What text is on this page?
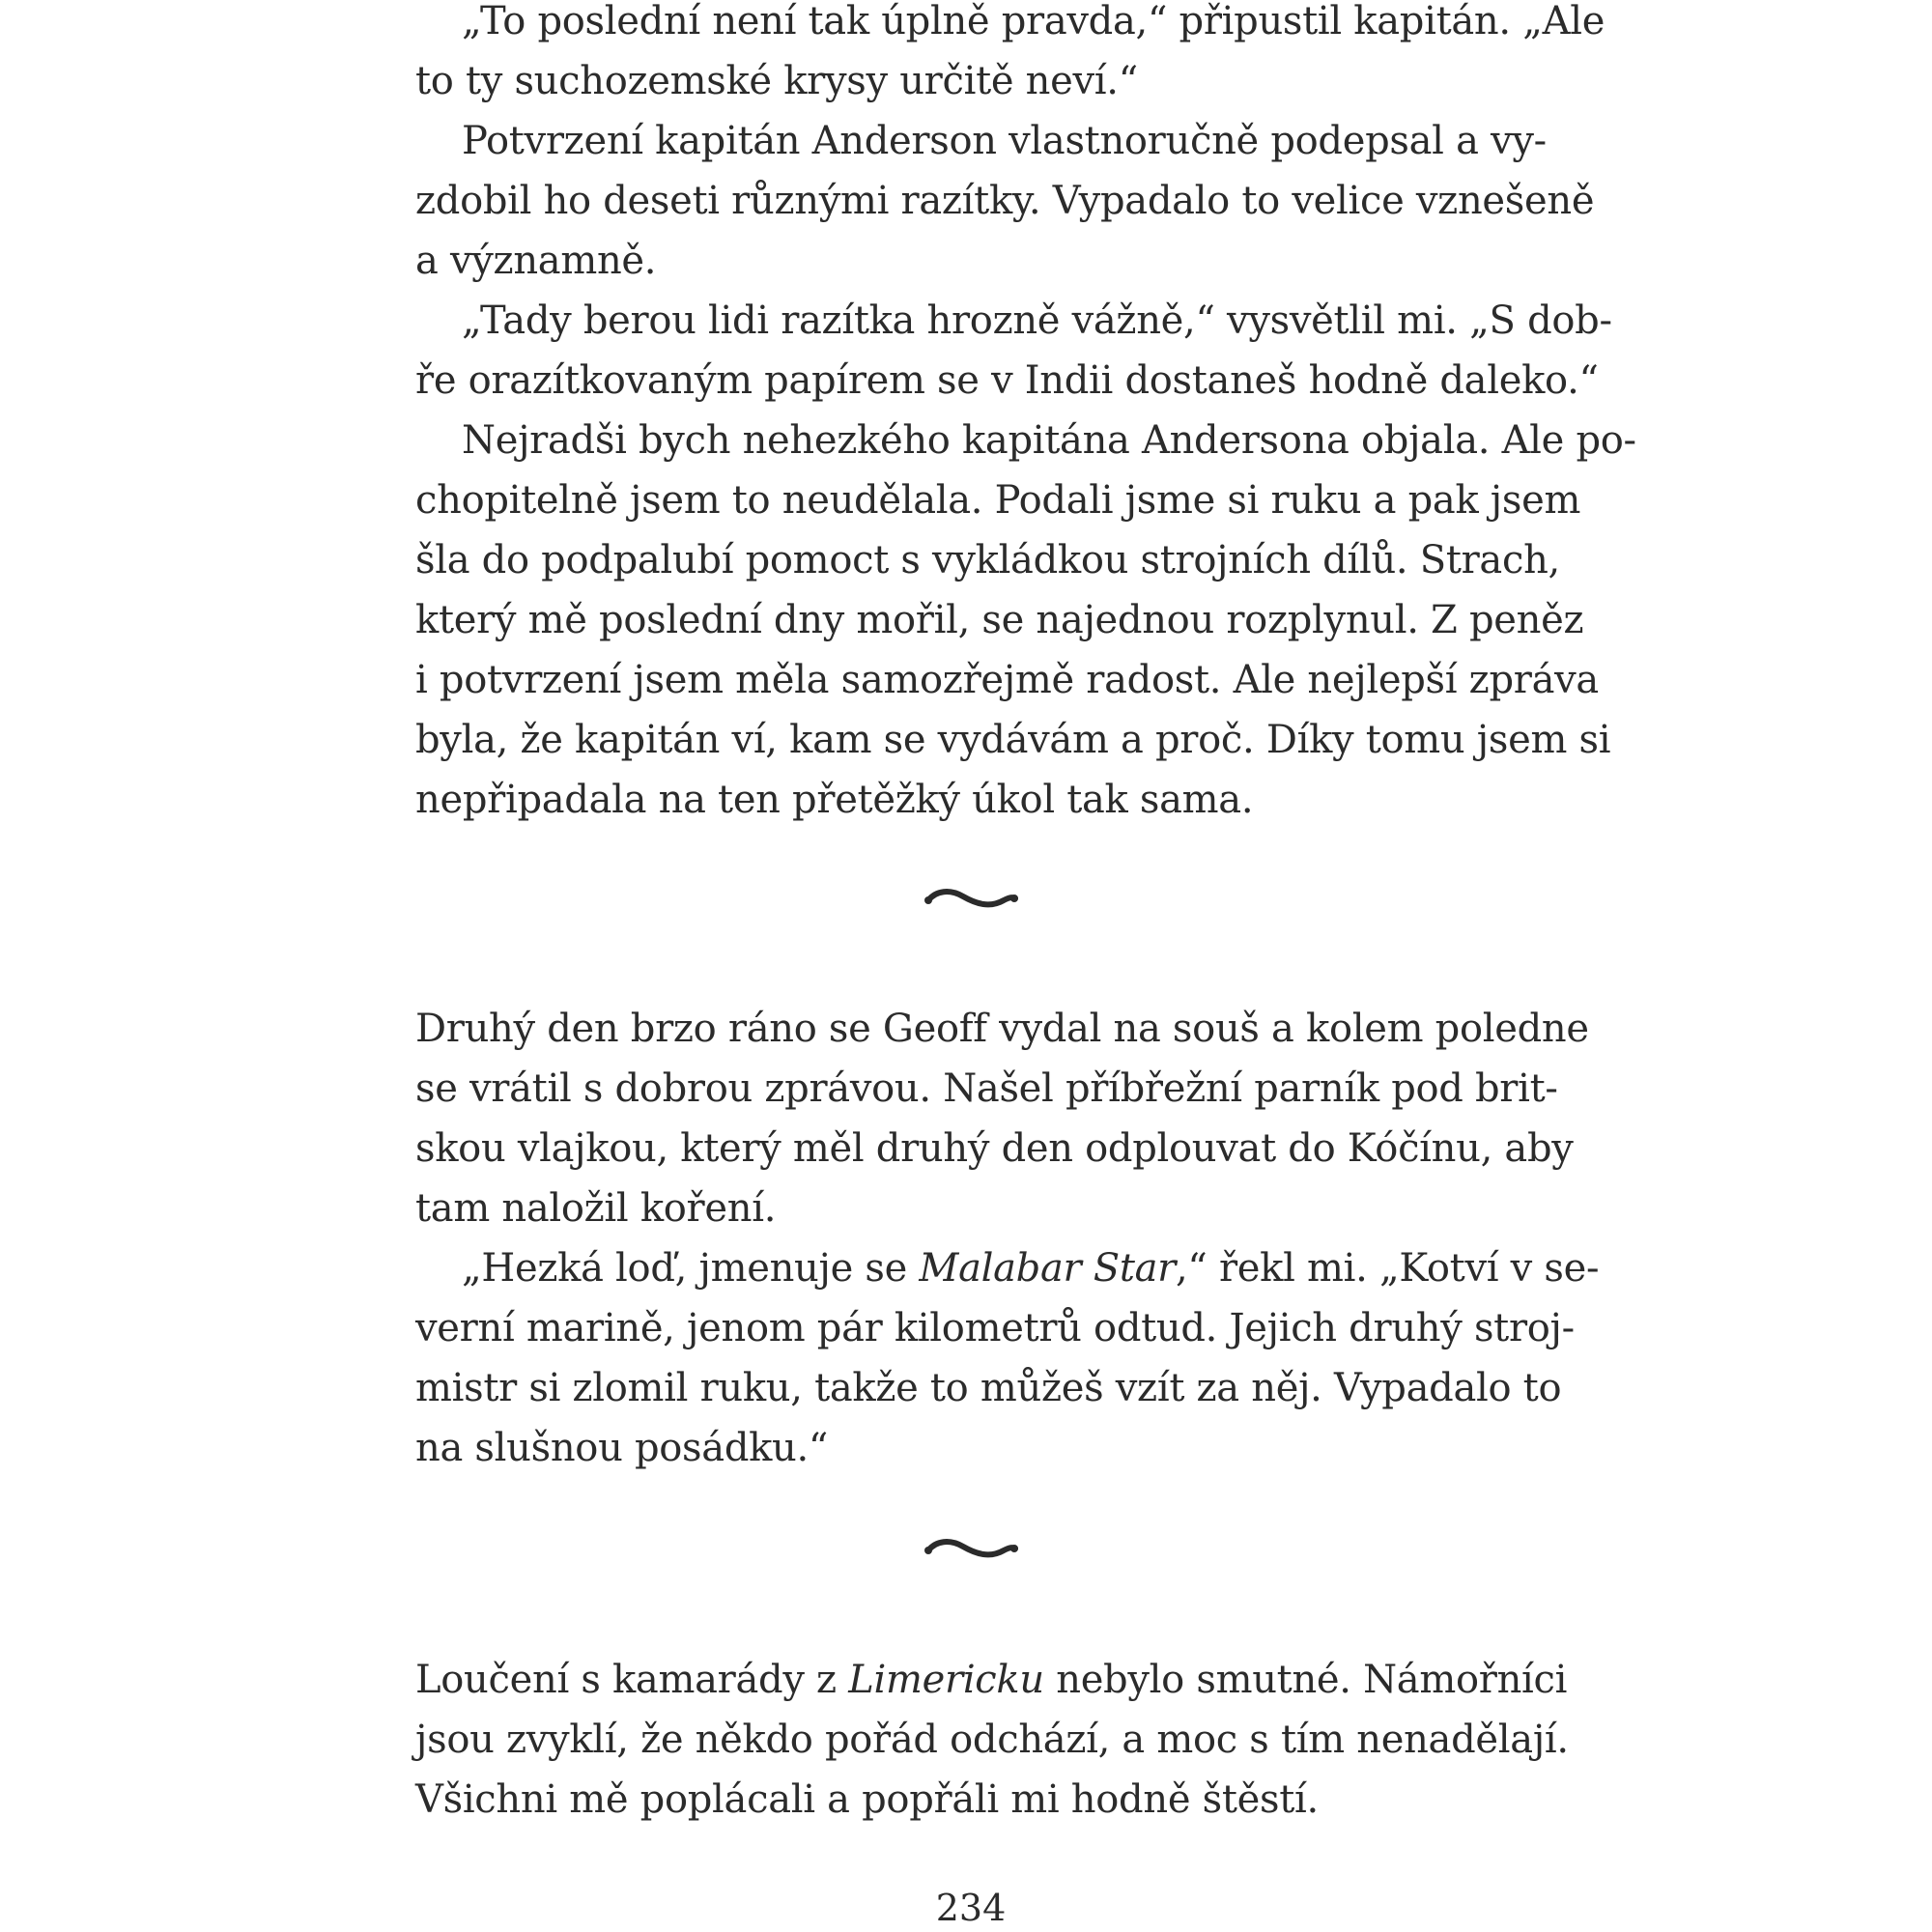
„To poslední není tak úplně pravda,“ připustil kapitán. „Ale
to ty suchozemské krysy určitě neví.“
Potvrzení kapitán Anderson vlastnoručně podepsal a vy-
zdobil ho deseti různými razítky. Vypadalo to velice vznešeně
a významně.
„Tady berou lidi razítka hrozně vážně,“ vysvětlil mi. „S dob-
ře orazítkovaným papírem se v Indii dostaneš hodně daleko.“
Nejradši bych nehezkého kapitána Andersona objala. Ale po-
chopitelně jsem to neudělala. Podali jsme si ruku a pak jsem
šla do podpalubí pomoct s vykládkou strojních dílů. Strach,
který mě poslední dny mořil, se najednou rozplynul. Z peněz
i potvrzení jsem měla samozřejmě radost. Ale nejlepší zpráva
byla, že kapitán ví, kam se vydávám a proč. Díky tomu jsem si
nepřipadala na ten přetěžký úkol tak sama.
Druhý den brzo ráno se Geoff vydal na souš a kolem poledne
se vrátil s dobrou zprávou. Našel příbřežní parník pod brit-
skou vlajkou, který měl druhý den odplouvat do Kóčínu, aby
tam naložil koření.
„Hezká loď, jmenuje se Malabar Star,“ řekl mi. „Kotví v se-
verní marině, jenom pár kilometrů odtud. Jejich druhý stroj-
mistr si zlomil ruku, takže to můžeš vzít za něj. Vypadalo to
na slušnou posádku.“
Loučení s kamarády z Limericku nebylo smutné. Námořníci
jsou zvyklí, že někdo pořád odchází, a moc s tím nenadělají.
Všichni mě poplácali a popřáli mi hodně štěstí.
234
